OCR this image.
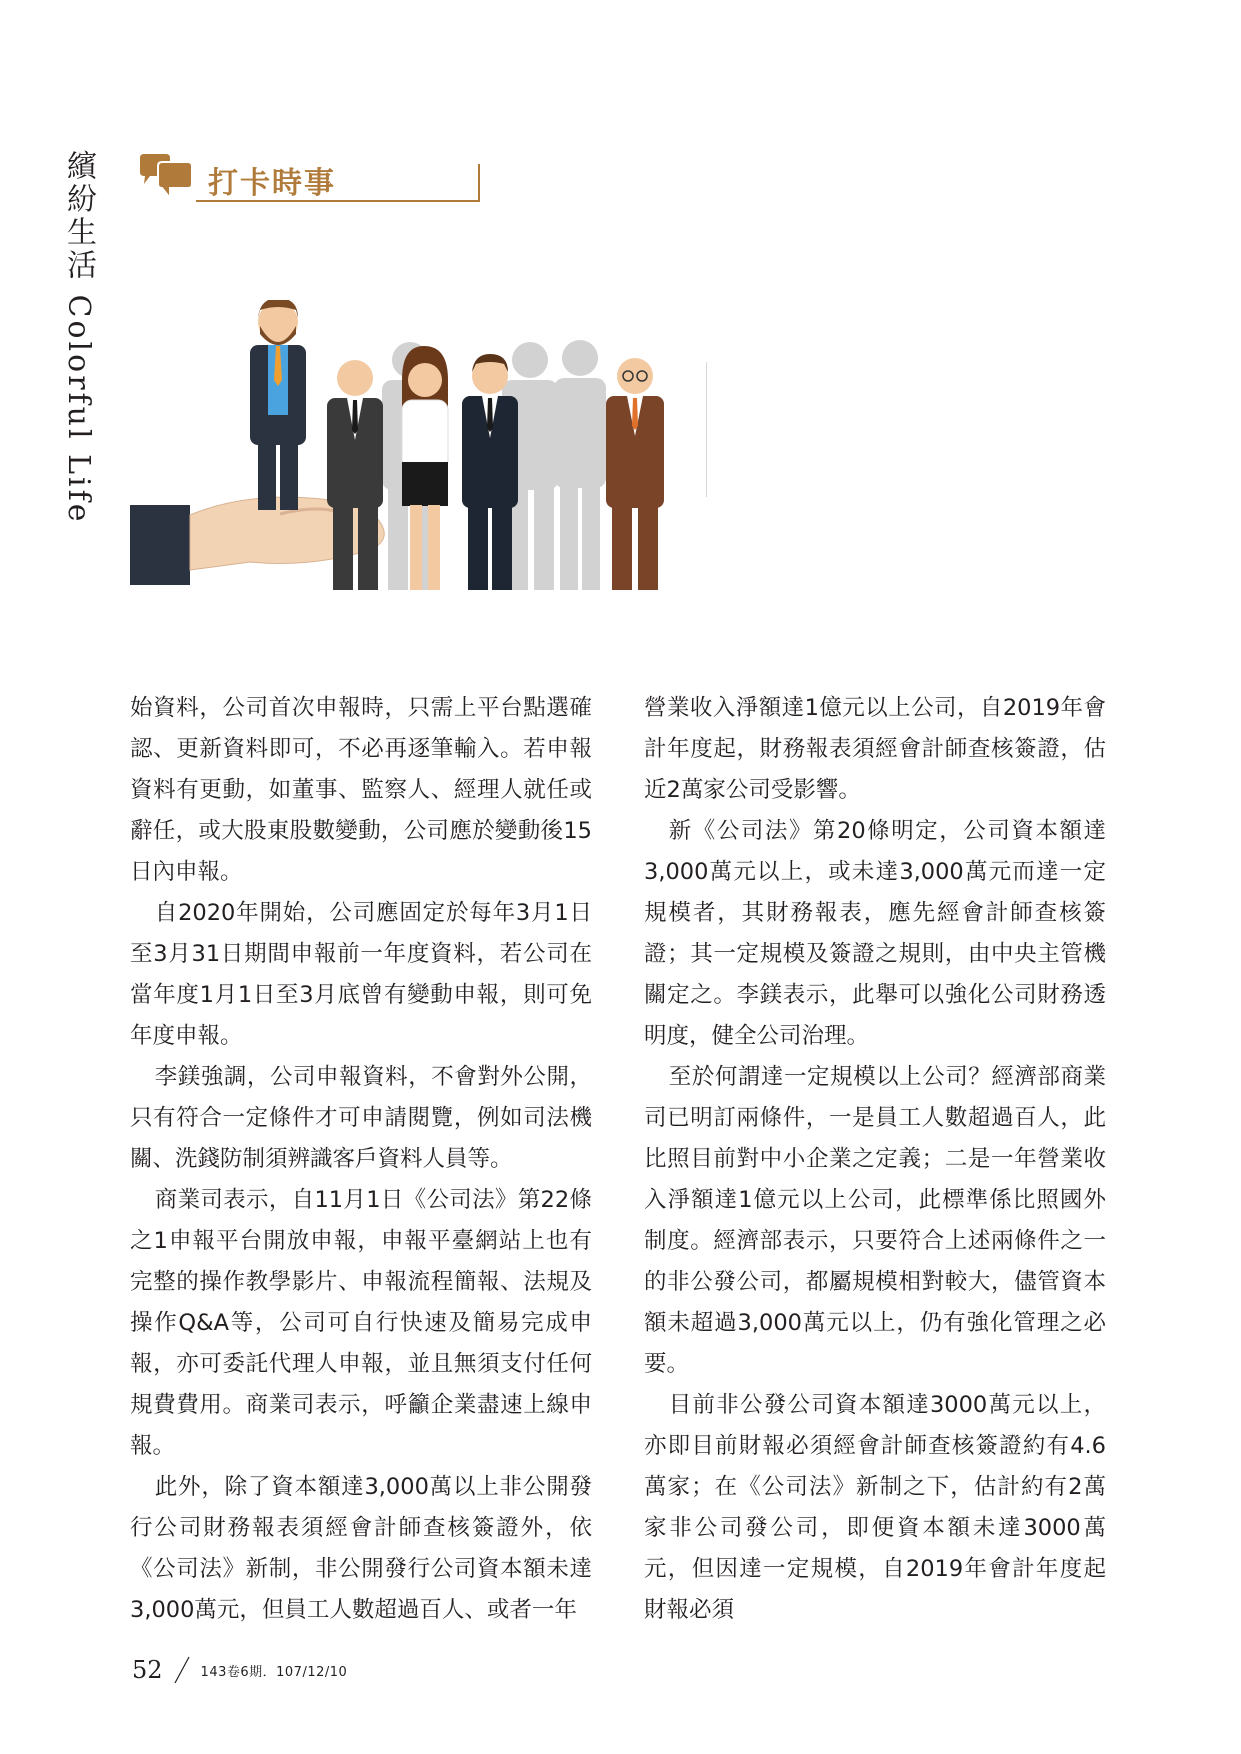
繽紛生活 Colorful Life	打卡時事

始資料，公司首次申報時，只需上平台點選確認、更新資料即可，不必再逐筆輸入。若申報資料有更動，如董事、監察人、經理人就任或辭任，或大股東股數變動，公司應於變動後15日內申報。

自2020年開始，公司應固定於每年3月1日至3月31日期間申報前一年度資料，若公司在當年度1月1日至3月底曾有變動申報，則可免年度申報。

李鎂強調，公司申報資料，不會對外公開，只有符合一定條件才可申請閱覽，例如司法機關、洗錢防制須辨識客戶資料人員等。

商業司表示，自11月1日《公司法》第22條之1申報平台開放申報，申報平臺網站上也有完整的操作教學影片、申報流程簡報、法規及操作Q&A等，公司可自行快速及簡易完成申報，亦可委託代理人申報，並且無須支付任何規費費用。商業司表示，呼籲企業盡速上線申報。

此外，除了資本額達3,000萬以上非公開發行公司財務報表須經會計師查核簽證外，依《公司法》新制，非公開發行公司資本額未達3,000萬元，但員工人數超過百人、或者一年

營業收入淨額達1億元以上公司，自2019年會計年度起，財務報表須經會計師查核簽證，估近2萬家公司受影響。

新《公司法》第20條明定，公司資本額達3,000萬元以上，或未達3,000萬元而達一定規模者，其財務報表，應先經會計師查核簽證；其一定規模及簽證之規則，由中央主管機關定之。李鎂表示，此舉可以強化公司財務透明度，健全公司治理。

至於何謂達一定規模以上公司？經濟部商業司已明訂兩條件，一是員工人數超過百人，此比照目前對中小企業之定義；二是一年營業收入淨額達1億元以上公司，此標準係比照國外制度。經濟部表示，只要符合上述兩條件之一的非公發公司，都屬規模相對較大，儘管資本額未超過3,000萬元以上，仍有強化管理之必要。

目前非公發公司資本額達3000萬元以上，亦即目前財報必須經會計師查核簽證約有4.6萬家；在《公司法》新制之下，估計約有2萬家非公司發公司，即便資本額未達3000萬元，但因達一定規模，自2019年會計年度起財報必須

52	143卷6期．107/12/10
